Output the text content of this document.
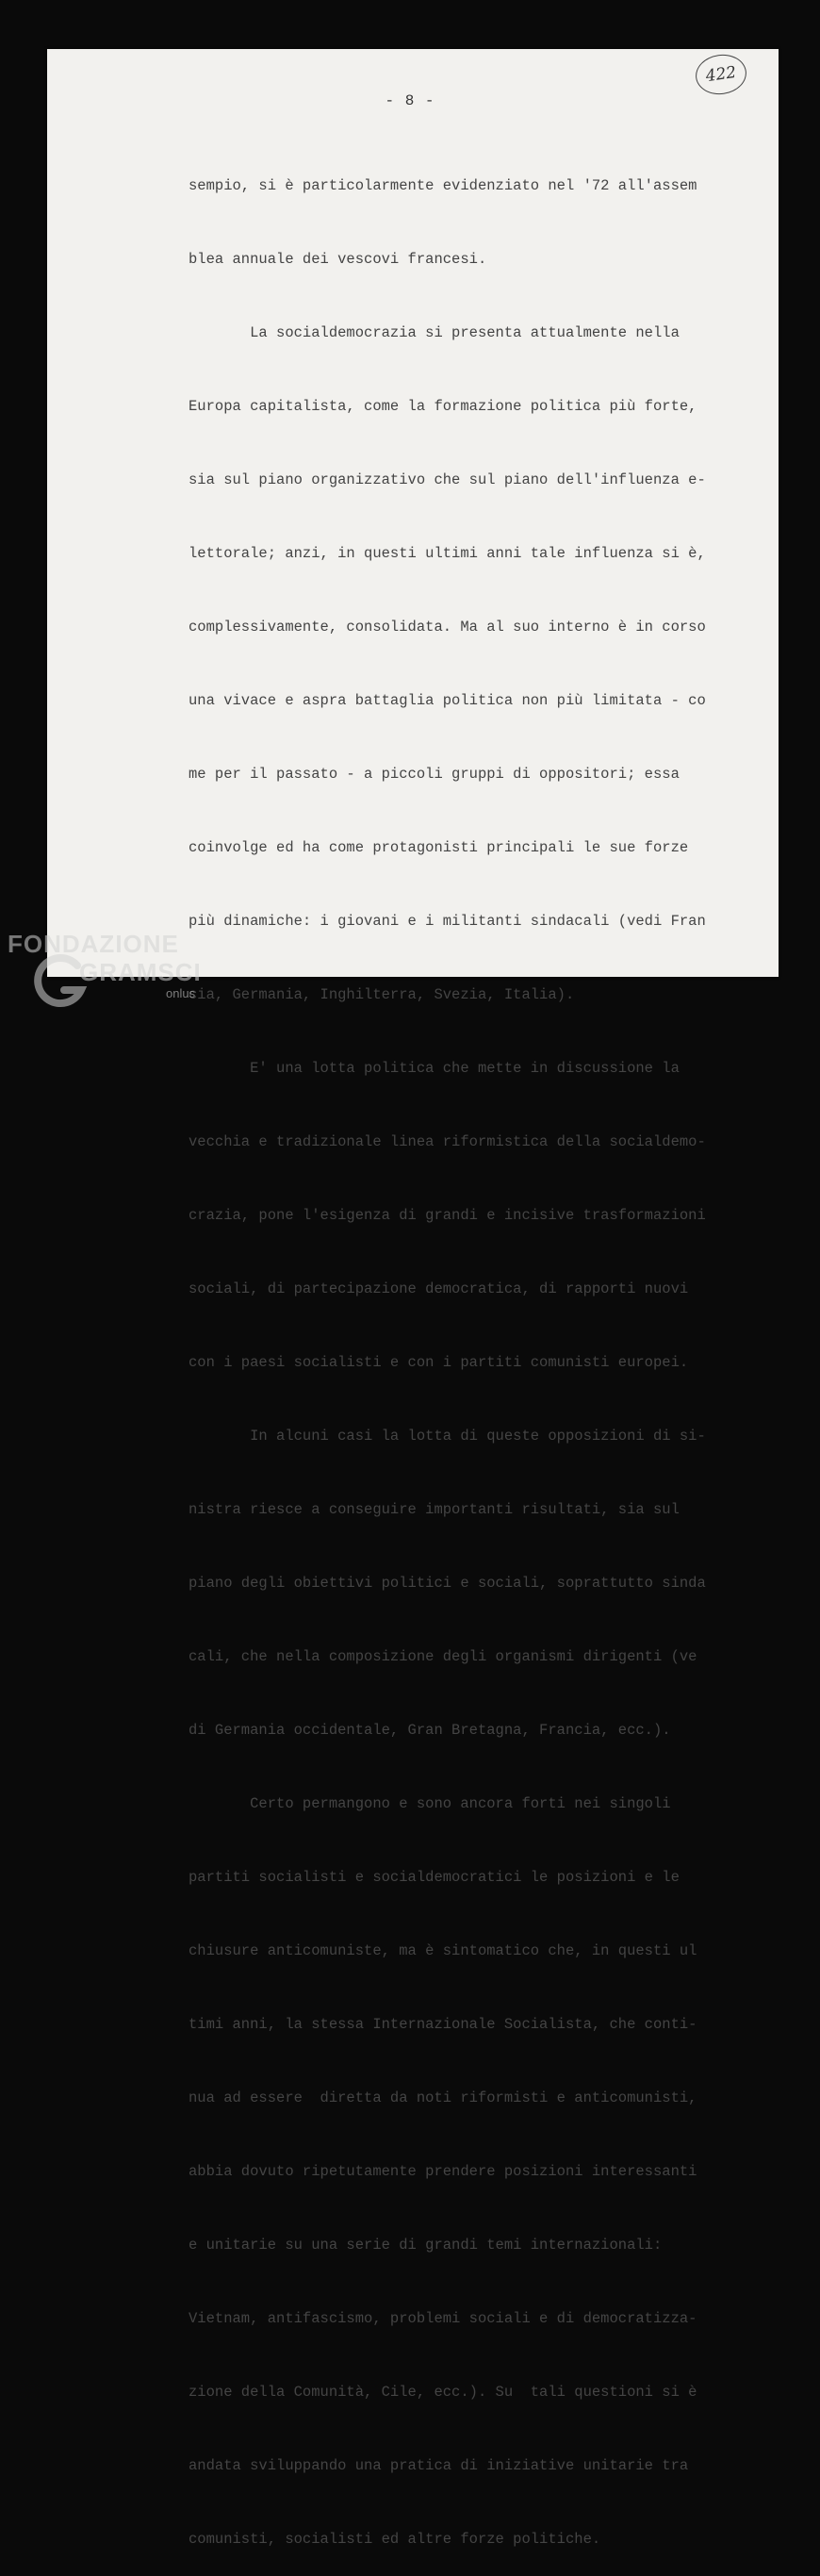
422
- 8 -

sempio, si è particolarmente evidenziato nel '72 all'assem

blea annuale dei vescovi francesi.

La socialdemocrazia si presenta attualmente nella

Europa capitalista, come la formazione politica più forte,

sia sul piano organizzativo che sul piano dell'influenza e-

lettorale; anzi, in questi ultimi anni tale influenza si è,

complessivamente, consolidata. Ma al suo interno è in corso

una vivace e aspra battaglia politica non più limitata - co

me per il passato - a piccoli gruppi di oppositori; essa

coinvolge ed ha come protagonisti principali le sue forze

più dinamiche: i giovani e i militanti sindacali (vedi Fran

cia, Germania, Inghilterra, Svezia, Italia).

E' una lotta politica che mette in discussione la

vecchia e tradizionale linea riformistica della socialdemo-

crazia, pone l'esigenza di grandi e incisive trasformazioni

sociali, di partecipazione democratica, di rapporti nuovi

con i paesi socialisti e con i partiti comunisti europei.

In alcuni casi la lotta di queste opposizioni di si-

nistra riesce a conseguire importanti risultati, sia sul

piano degli obiettivi politici e sociali, soprattutto sinda

cali, che nella composizione degli organismi dirigenti (ve

di Germania occidentale, Gran Bretagna, Francia, ecc.).

Certo permangono e sono ancora forti nei singoli

partiti socialisti e socialdemocratici le posizioni e le

chiusure anticomuniste, ma è sintomatico che, in questi ul

timi anni, la stessa Internazionale Socialista, che conti-

nua ad essere  diretta da noti riformisti e anticomunisti,

abbia dovuto ripetutamente prendere posizioni interessanti

e unitarie su una serie di grandi temi internazionali:

Vietnam, antifascismo, problemi sociali e di democratizza-

zione della Comunità, Cile, ecc.). Su  tali questioni si è

andata sviluppando una pratica di iniziative unitarie tra

comunisti, socialisti ed altre forze politiche.

FONDAZIONE
GRAMSCI
onlus
